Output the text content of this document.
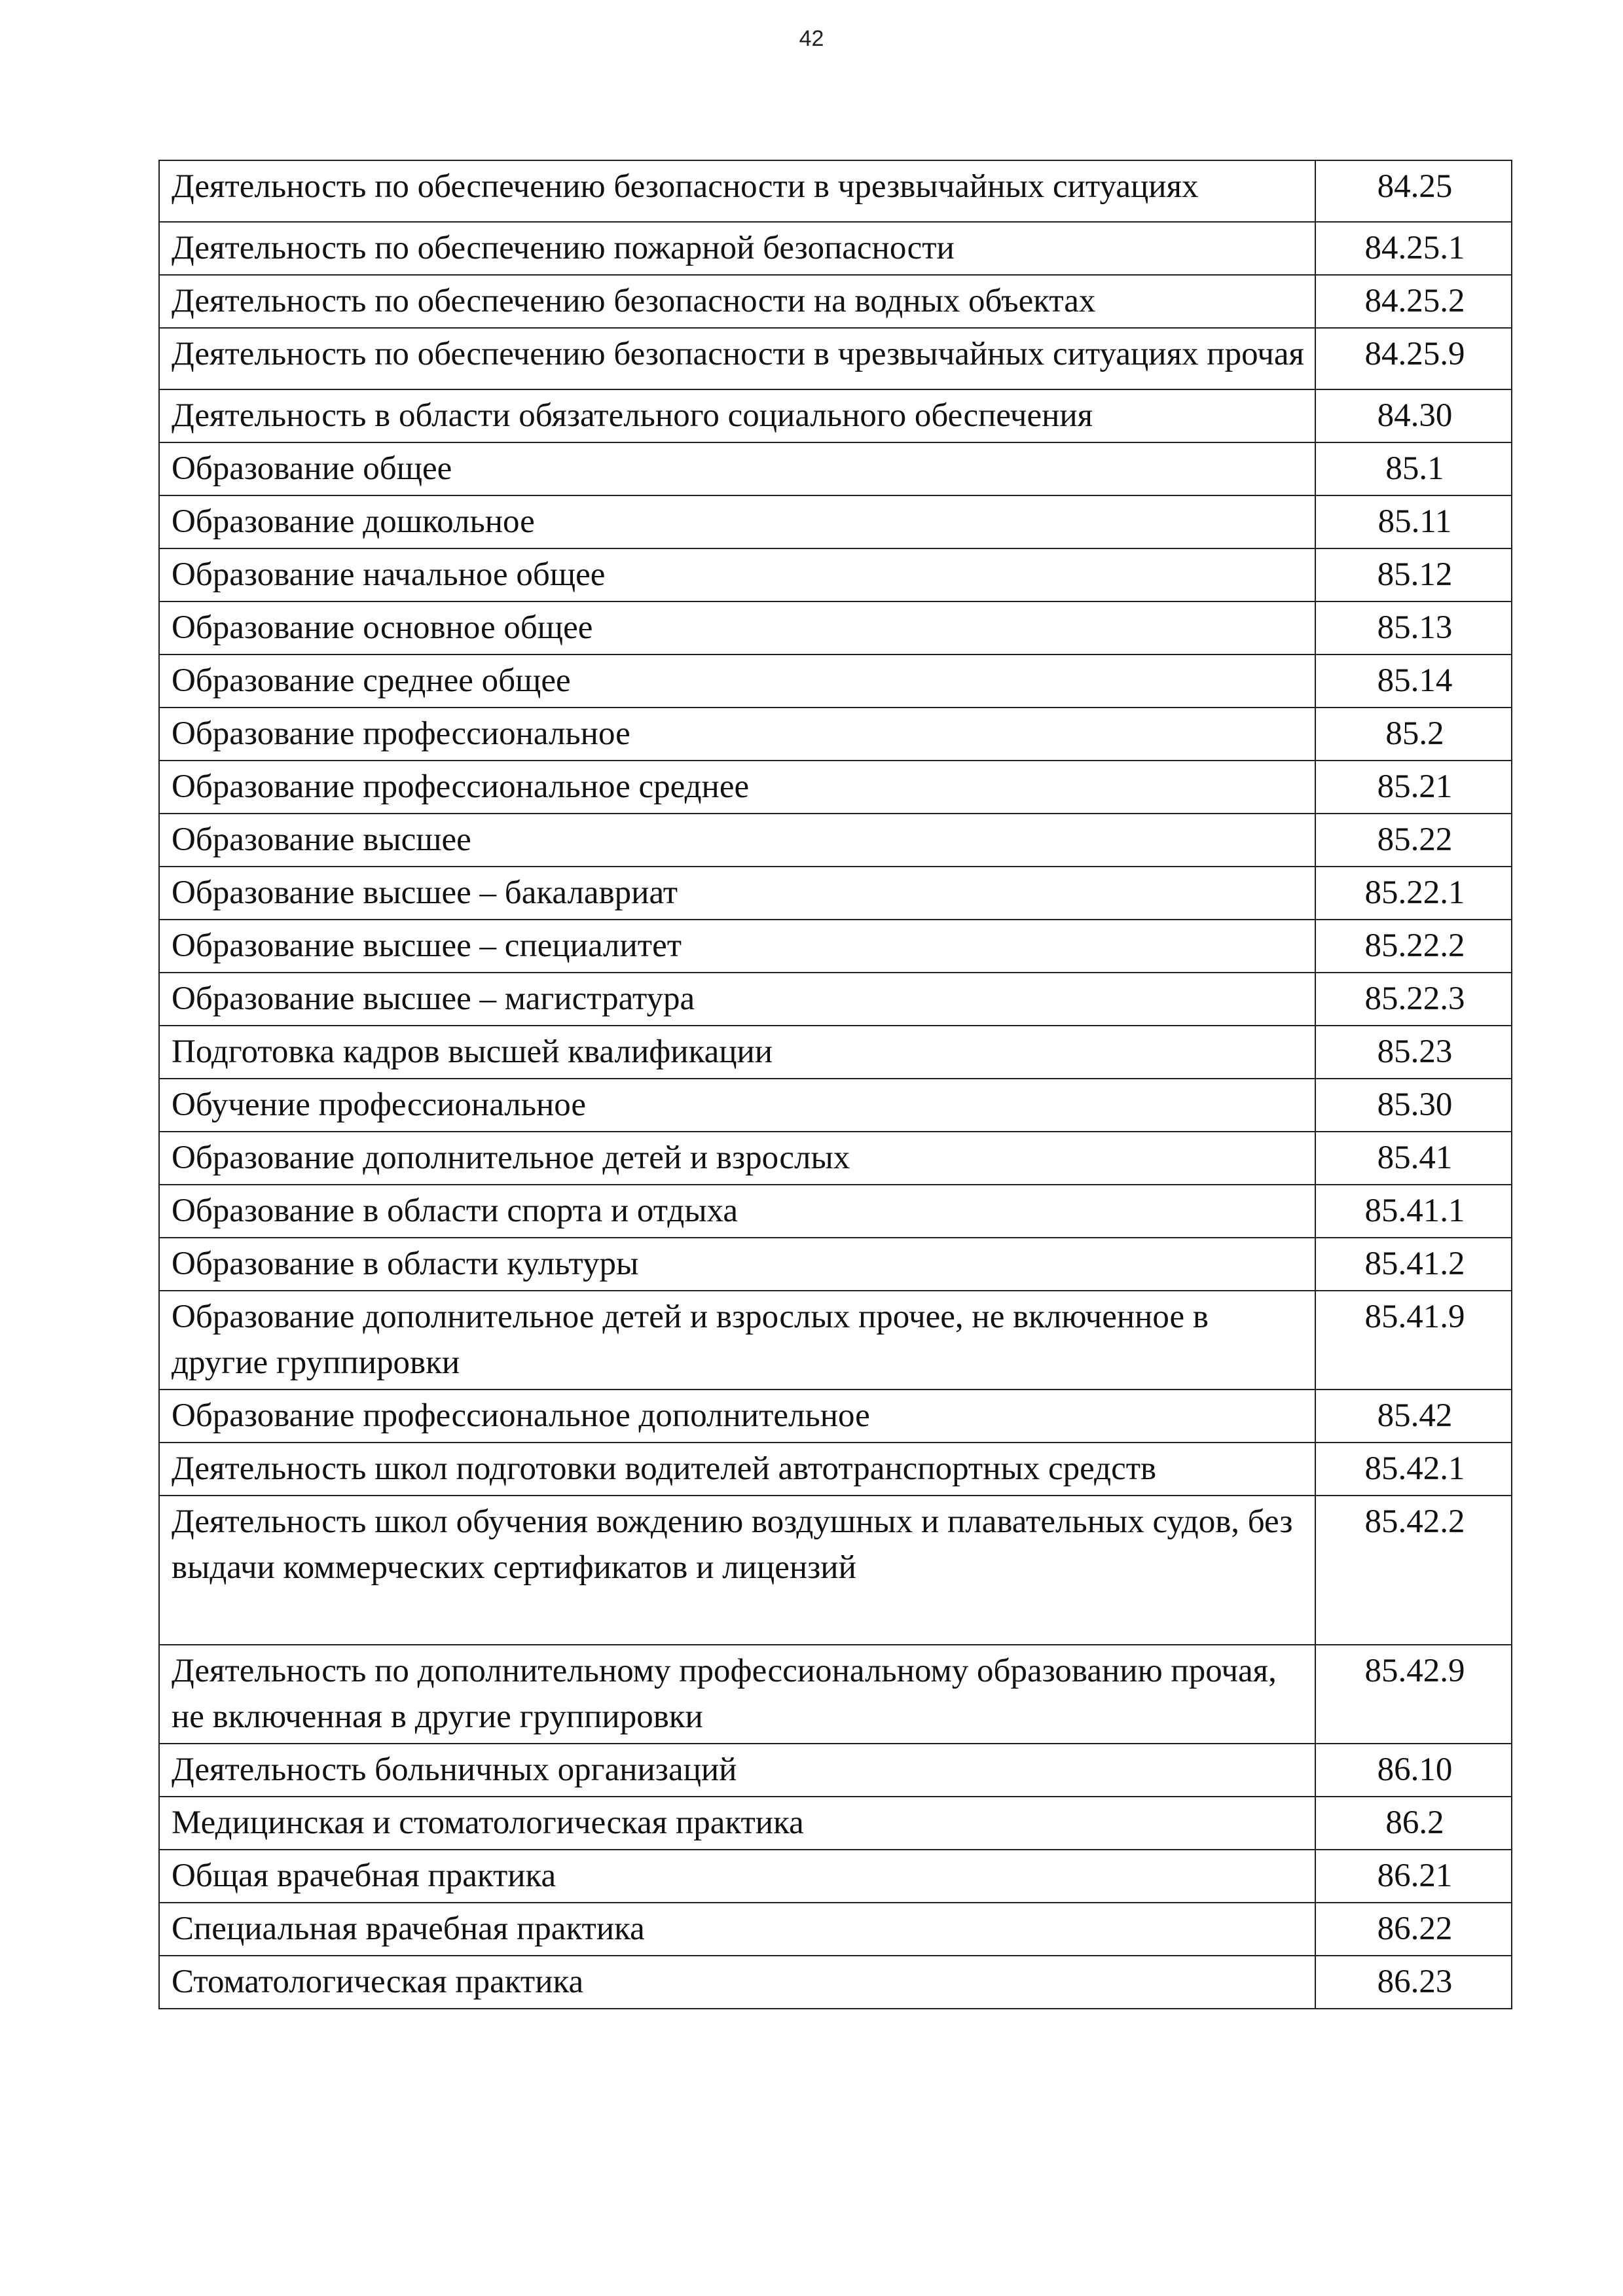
42
Деятельность по обеспечению безопасности в чрезвычайных ситуациях	84.25
Деятельность по обеспечению пожарной безопасности	84.25.1
Деятельность по обеспечению безопасности на водных объектах	84.25.2
Деятельность по обеспечению безопасности в чрезвычайных ситуациях прочая	84.25.9
Деятельность в области обязательного социального обеспечения	84.30
Образование общее	85.1
Образование дошкольное	85.11
Образование начальное общее	85.12
Образование основное общее	85.13
Образование среднее общее	85.14
Образование профессиональное	85.2
Образование профессиональное среднее	85.21
Образование высшее	85.22
Образование высшее – бакалавриат	85.22.1
Образование высшее – специалитет	85.22.2
Образование высшее – магистратура	85.22.3
Подготовка кадров высшей квалификации	85.23
Обучение профессиональное	85.30
Образование дополнительное детей и взрослых	85.41
Образование в области спорта и отдыха	85.41.1
Образование в области культуры	85.41.2
Образование дополнительное детей и взрослых прочее, не включенное в другие группировки	85.41.9
Образование профессиональное дополнительное	85.42
Деятельность школ подготовки водителей автотранспортных средств	85.42.1
Деятельность школ обучения вождению воздушных и плавательных судов, без выдачи коммерческих сертификатов и лицензий	85.42.2
Деятельность по дополнительному профессиональному образованию прочая, не включенная в другие группировки	85.42.9
Деятельность больничных организаций	86.10
Медицинская и стоматологическая практика	86.2
Общая врачебная практика	86.21
Специальная врачебная практика	86.22
Стоматологическая практика	86.23
